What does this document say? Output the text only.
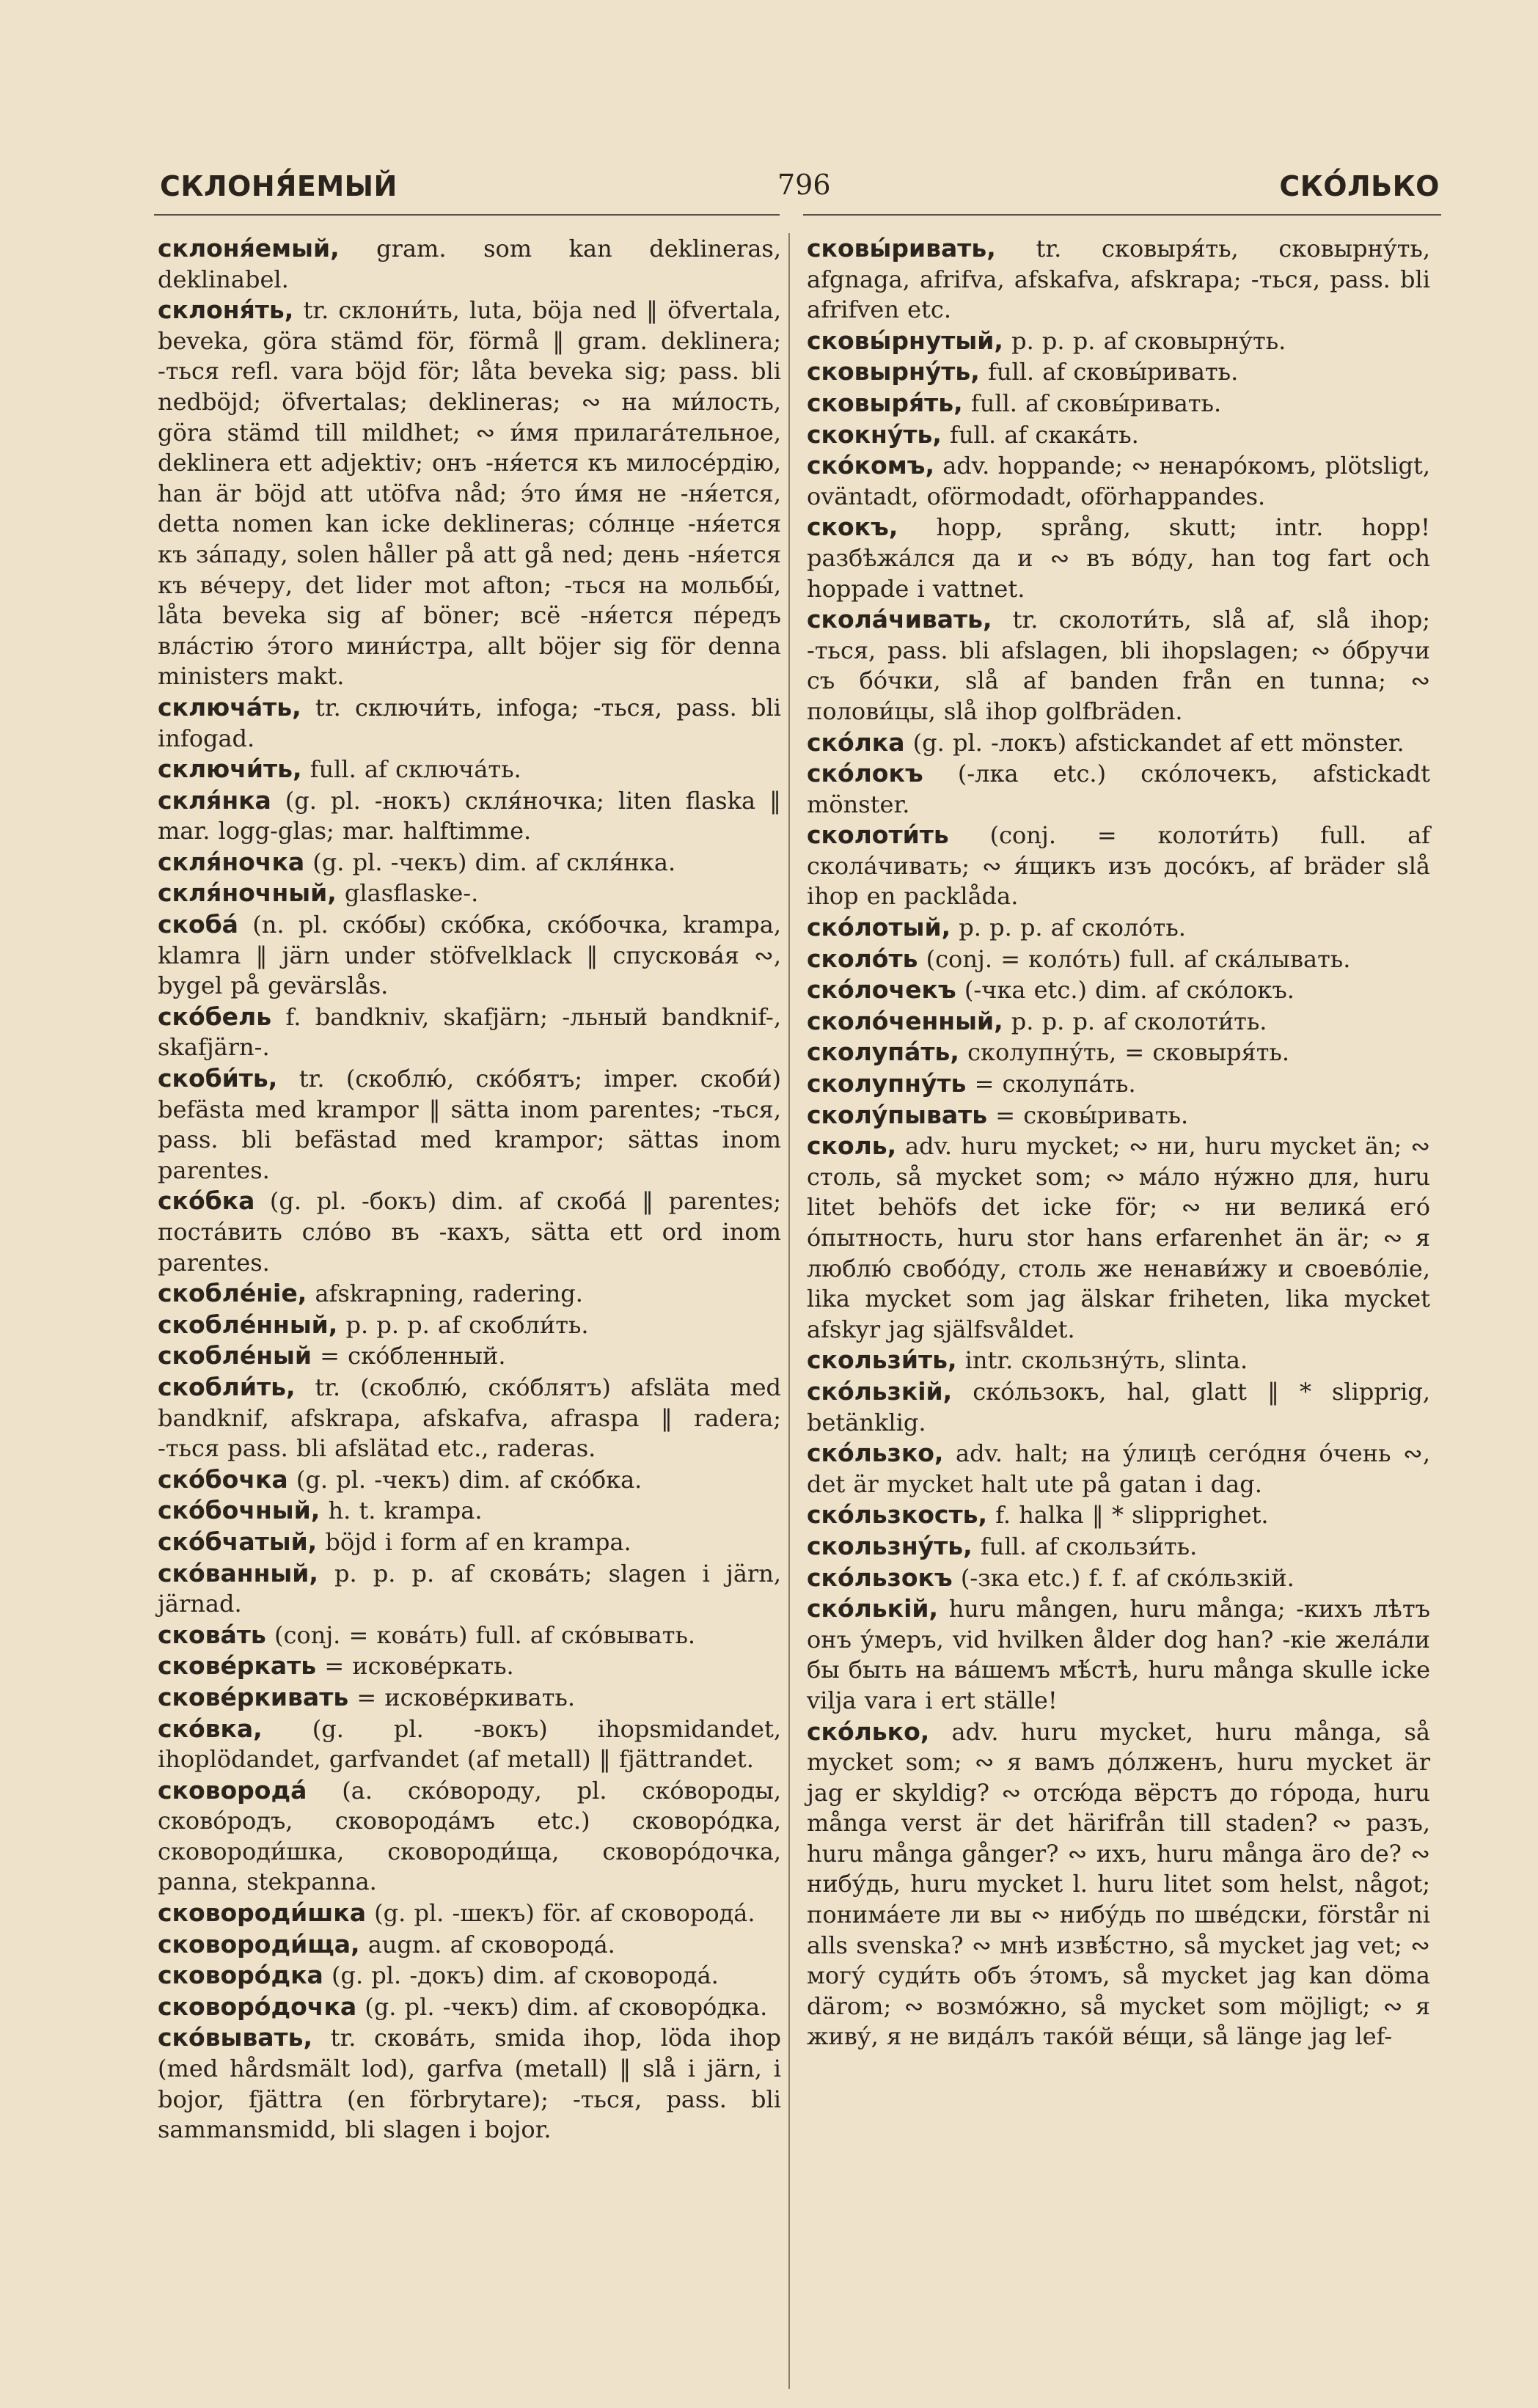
СКЛОНЯ́ЕМЫЙ	796	СКО́ЛЬКО
склоня́емый, gram. som kan deklineras, deklinabel.
склоня́ть, tr. склони́ть, luta, böja ned ‖ öfvertala, beveka, göra stämd för, förmå ‖ gram. deklinera; -ться refl. vara böjd för; låta beveka sig; pass. bli nedböjd; öfvertalas; deklineras; ∾ на ми́лость, göra stämd till mildhet; ∾ и́мя прилага́тельное, deklinera ett adjektiv; онъ -ня́ется къ милосе́рдію, han är böjd att utöfva nåd; э́то и́мя не -ня́ется, detta nomen kan icke deklineras; со́лнце -ня́ется къ за́паду, solen håller på att gå ned; день -ня́ется къ ве́черу, det lider mot afton; -ться на мольбы́, låta beveka sig af böner; всё -ня́ется пе́редъ вла́стію э́того мини́стра, allt böjer sig för denna ministers makt.
сключа́ть, tr. сключи́ть, infoga; -ться, pass. bli infogad.
сключи́ть, full. af сключа́ть.
скля́нка (g. pl. -нокъ) скля́ночка; liten flaska ‖ mar. logg-glas; mar. halftimme.
скля́ночка (g. pl. -чекъ) dim. af скля́нка.
скля́ночный, glasflaske-.
скоба́ (n. pl. ско́бы) ско́бка, ско́бочка, krampa, klamra ‖ järn under stöfvelklack ‖ спускова́я ∾, bygel på gevärslås.
ско́бель f. bandkniv, skafjärn; -льный bandknif-, skafjärn-.
скоби́ть, tr. (скоблю́, ско́бятъ; imper. скоби́) befästa med krampor ‖ sätta inom parentes; -ться, pass. bli befästad med krampor; sättas inom parentes.
ско́бка (g. pl. -бокъ) dim. af скоба́ ‖ parentes; поста́вить сло́во въ -кахъ, sätta ett ord inom parentes.
скобле́ніе, afskrapning, radering.
скобле́нный, p. p. p. af скобли́ть.
скобле́ный = ско́бленный.
скобли́ть, tr. (скоблю́, ско́блятъ) afsläta med bandknif, afskrapa, afskafva, afraspa ‖ radera; -ться pass. bli afslätad etc., raderas.
ско́бочка (g. pl. -чекъ) dim. af ско́бка.
ско́бочный, h. t. krampa.
ско́бчатый, böjd i form af en krampa.
ско́ванный, p. p. p. af скова́ть; slagen i järn, järnad.
скова́ть (conj. = кова́ть) full. af ско́вывать.
скове́ркать = искове́ркать.
скове́ркивать = искове́ркивать.
ско́вка, (g. pl. -вокъ) ihopsmidandet, ihoplödandet, garfvandet (af metall) ‖ fjättrandet.
сковорода́ (a. ско́вороду, pl. ско́вороды, сково́родъ, сковорода́мъ etc.) сковоро́дка, сковороди́шка, сковороди́ща, сковоро́дочка, panna, stekpanna.
сковороди́шка (g. pl. -шекъ) för. af сковорода́.
сковороди́ща, augm. af сковорода́.
сковоро́дка (g. pl. -докъ) dim. af сковорода́.
сковоро́дочка (g. pl. -чекъ) dim. af сковоро́дка.
ско́вывать, tr. скова́ть, smida ihop, löda ihop (med hårdsmält lod), garfva (metall) ‖ slå i järn, i bojor, fjättra (en förbrytare); -ться, pass. bli sammansmidd, bli slagen i bojor.
сковы́ривать, tr. сковыря́ть, сковырну́ть, afgnaga, afrifva, afskafva, afskrapa; -ться, pass. bli afrifven etc.
сковы́рнутый, p. p. p. af сковырну́ть.
сковырну́ть, full. af сковы́ривать.
сковыря́ть, full. af сковы́ривать.
скокну́ть, full. af скака́ть.
ско́комъ, adv. hoppande; ∾ ненаро́комъ, plötsligt, oväntadt, oförmodadt, oförhappandes.
скокъ, hopp, språng, skutt; intr. hopp! разбѣжа́лся да и ∾ въ во́ду, han tog fart och hoppade i vattnet.
скола́чивать, tr. сколоти́ть, slå af, slå ihop; -ться, pass. bli afslagen, bli ihopslagen; ∾ о́бручи съ бо́чки, slå af banden från en tunna; ∾ полови́цы, slå ihop golfbräden.
ско́лка (g. pl. -локъ) afstickandet af ett mönster.
ско́локъ (-лка etc.) ско́лочекъ, afstickadt mönster.
сколоти́ть (conj. = колоти́ть) full. af скола́чивать; ∾ я́щикъ изъ досо́къ, af bräder slå ihop en packlåda.
ско́лотый, p. p. p. af сколо́ть.
сколо́ть (conj. = коло́ть) full. af ска́лывать.
ско́лочекъ (-чка etc.) dim. af ско́локъ.
сколо́ченный, p. p. p. af сколоти́ть.
сколупа́ть, сколупну́ть, = сковыря́ть.
сколупну́ть = сколупа́ть.
сколу́пывать = сковы́ривать.
сколь, adv. huru mycket; ∾ ни, huru mycket än; ∾ столь, så mycket som; ∾ ма́ло ну́жно для, huru litet behöfs det icke för; ∾ ни велика́ его́ о́пытность, huru stor hans erfarenhet än är; ∾ я люблю́ свобо́ду, столь же ненави́жу и своево́ліе, lika mycket som jag älskar friheten, lika mycket afskyr jag själfsvåldet.
скользи́ть, intr. скользну́ть, slinta.
ско́льзкій, ско́льзокъ, hal, glatt ‖ * slipprig, betänklig.
ско́льзко, adv. halt; на у́лицѣ сего́дня о́чень ∾, det är mycket halt ute på gatan i dag.
ско́льзкость, f. halka ‖ * slipprighet.
скользну́ть, full. af скользи́ть.
ско́льзокъ (-зка etc.) f. f. af ско́льзкій.
ско́лькій, huru mången, huru många; -кихъ лѣтъ онъ у́меръ, vid hvilken ålder dog han? -кіе жела́ли бы быть на ва́шемъ мѣ́стѣ, huru många skulle icke vilja vara i ert ställe!
ско́лько, adv. huru mycket, huru många, så mycket som; ∾ я вамъ до́лженъ, huru mycket är jag er skyldig? ∾ отсю́да вёрстъ до го́рода, huru många verst är det härifrån till staden? ∾ разъ, huru många gånger? ∾ ихъ, huru många äro de? ∾ нибу́дь, huru mycket l. huru litet som helst, något; понима́ете ли вы ∾ нибу́дь по шве́дски, förstår ni alls svenska? ∾ мнѣ извѣ́стно, så mycket jag vet; ∾ могу́ суди́ть объ э́томъ, så mycket jag kan döma därom; ∾ возмо́жно, så mycket som möjligt; ∾ я живу́, я не вида́лъ тако́й ве́щи, så länge jag lef-
